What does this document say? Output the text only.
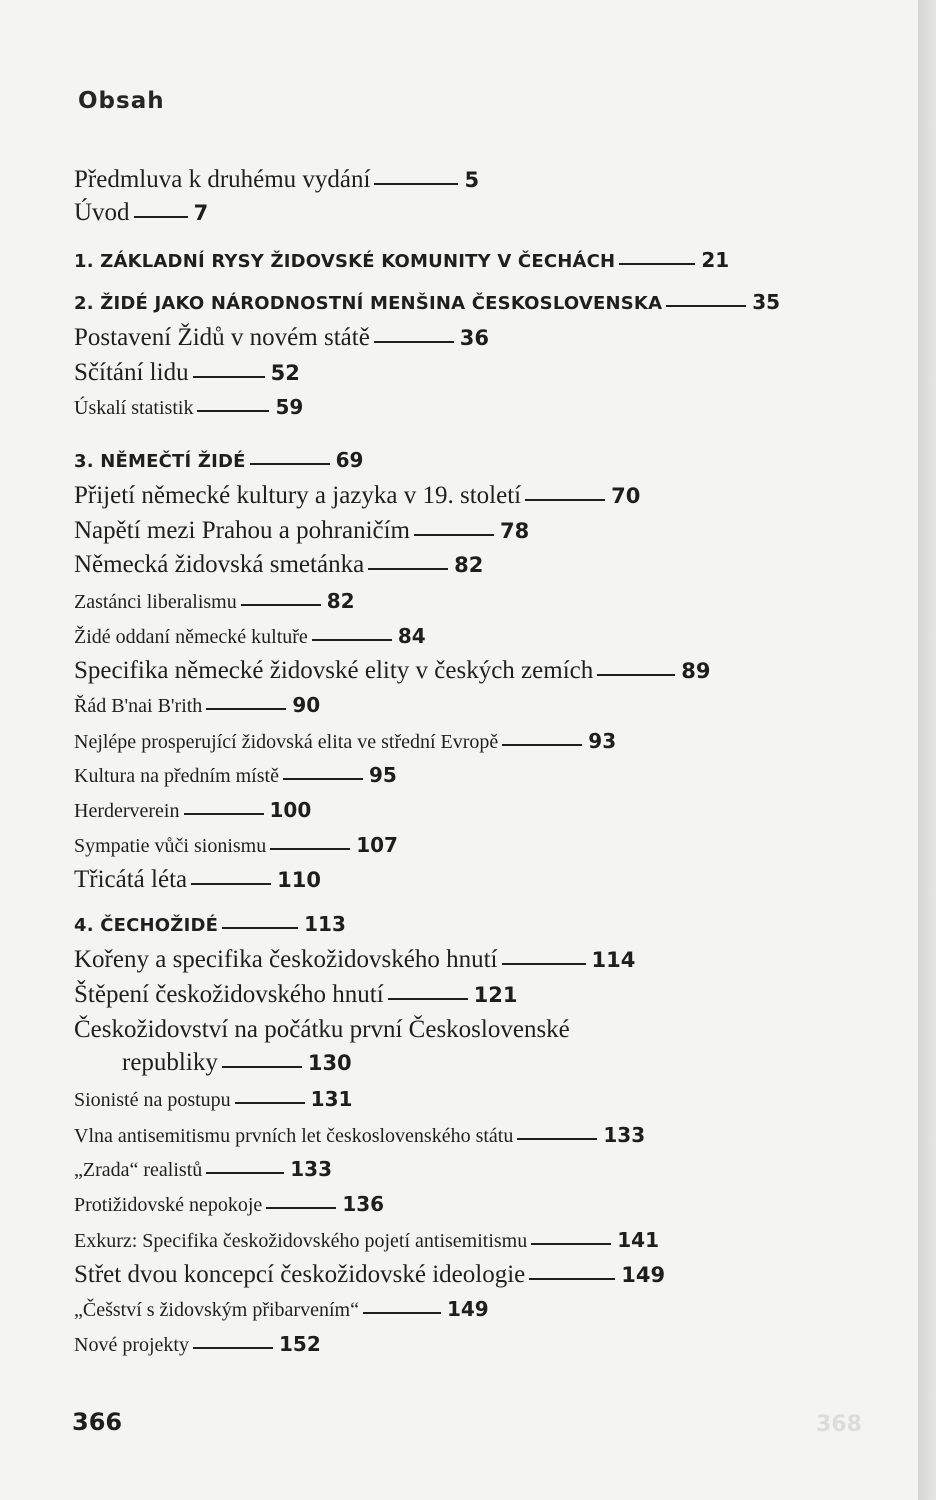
Obsah
Předmluva k druhému vydání	5
Úvod	7
1. ZÁKLADNÍ RYSY ŽIDOVSKÉ KOMUNITY V ČECHÁCH	21
2. ŽIDÉ JAKO NÁRODNOSTNÍ MENŠINA ČESKOSLOVENSKA	35
Postavení Židů v novém státě	36
Sčítání lidu	52
Úskalí statistik	59
3. NĚMEČTÍ ŽIDÉ	69
Přijetí německé kultury a jazyka v 19. století	70
Napětí mezi Prahou a pohraničím	78
Německá židovská smetánka	82
Zastánci liberalismu	82
Židé oddaní německé kultuře	84
Specifika německé židovské elity v českých zemích	89
Řád B'nai B'rith	90
Nejlépe prosperující židovská elita ve střední Evropě	93
Kultura na předním místě	95
Herderverein	100
Sympatie vůči sionismu	107
Třicátá léta	110
4. ČECHOŽIDÉ	113
Kořeny a specifika českožidovského hnutí	114
Štěpení českožidovského hnutí	121
Českožidovství na počátku první Československé
republiky	130
Sionisté na postupu	131
Vlna antisemitismu prvních let československého státu	133
„Zrada“ realistů	133
Protižidovské nepokoje	136
Exkurz: Specifika českožidovského pojetí antisemitismu	141
Střet dvou koncepcí českožidovské ideologie	149
„Češství s židovským přibarvením“	149
Nové projekty	152
366	368
